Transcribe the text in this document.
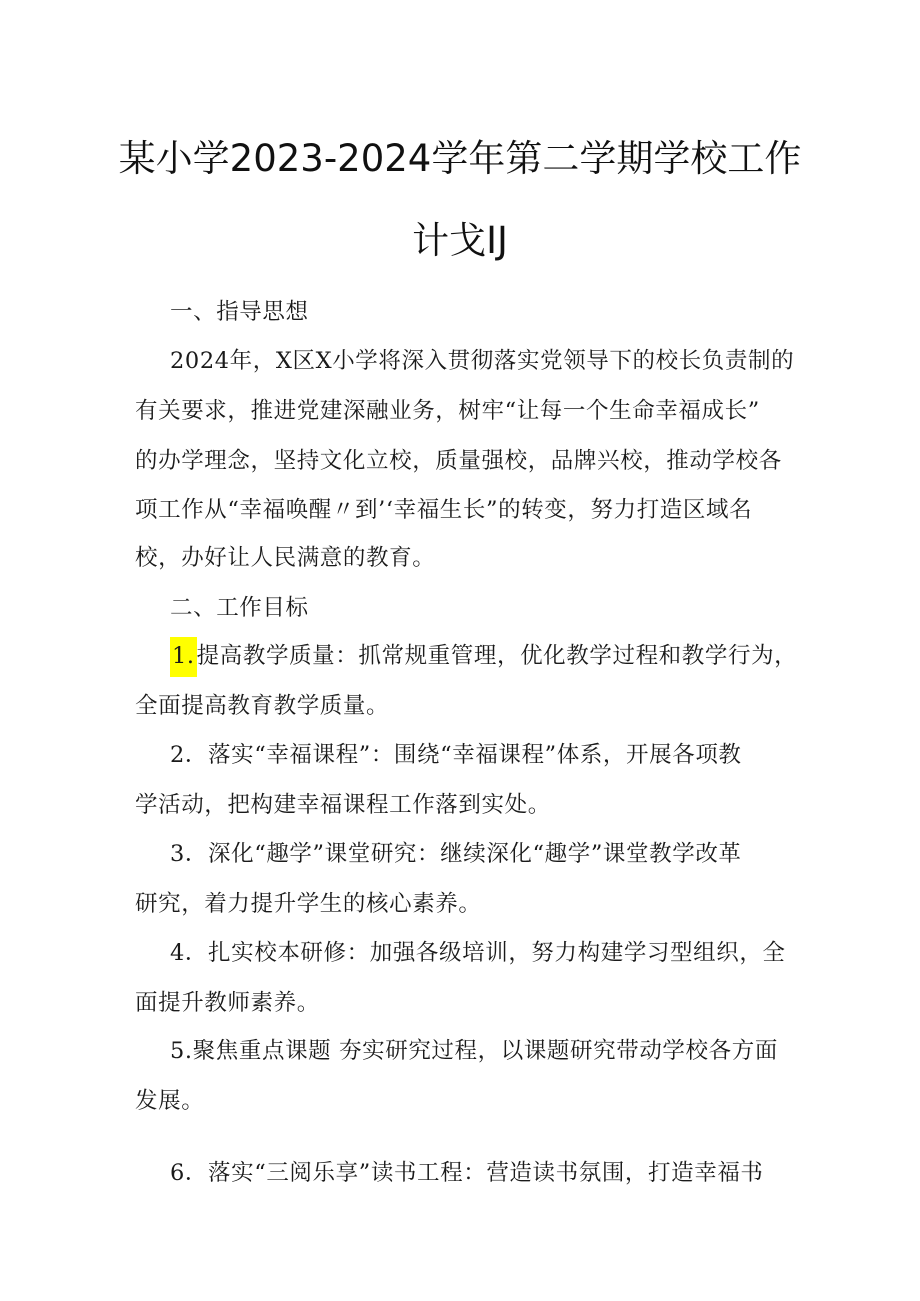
某小学2023-2024学年第二学期学校工作
计戈IJ
一、指导思想
2024年，X区X小学将深入贯彻落实党领导下的校长负责制的
有关要求，推进党建深融业务，树牢“让每一个生命幸福成长”
的办学理念，坚持文化立校，质量强校，品牌兴校，推动学校各
项工作从“幸福唤醒〃到’‘幸福生长”的转变，努力打造区域名
校，办好让人民满意的教育。
二、工作目标
1.提高教学质量：抓常规重管理，优化教学过程和教学行为，
全面提高教育教学质量。
2．落实“幸福课程”：围绕“幸福课程”体系，开展各项教
学活动，把构建幸福课程工作落到实处。
3．深化“趣学”课堂研究：继续深化“趣学”课堂教学改革
研究，着力提升学生的核心素养。
4．扎实校本研修：加强各级培训，努力构建学习型组织，全
面提升教师素养。
5.聚焦重点课题 夯实研究过程，以课题研究带动学校各方面
发展。
6．落实“三阅乐享”读书工程：营造读书氛围，打造幸福书
